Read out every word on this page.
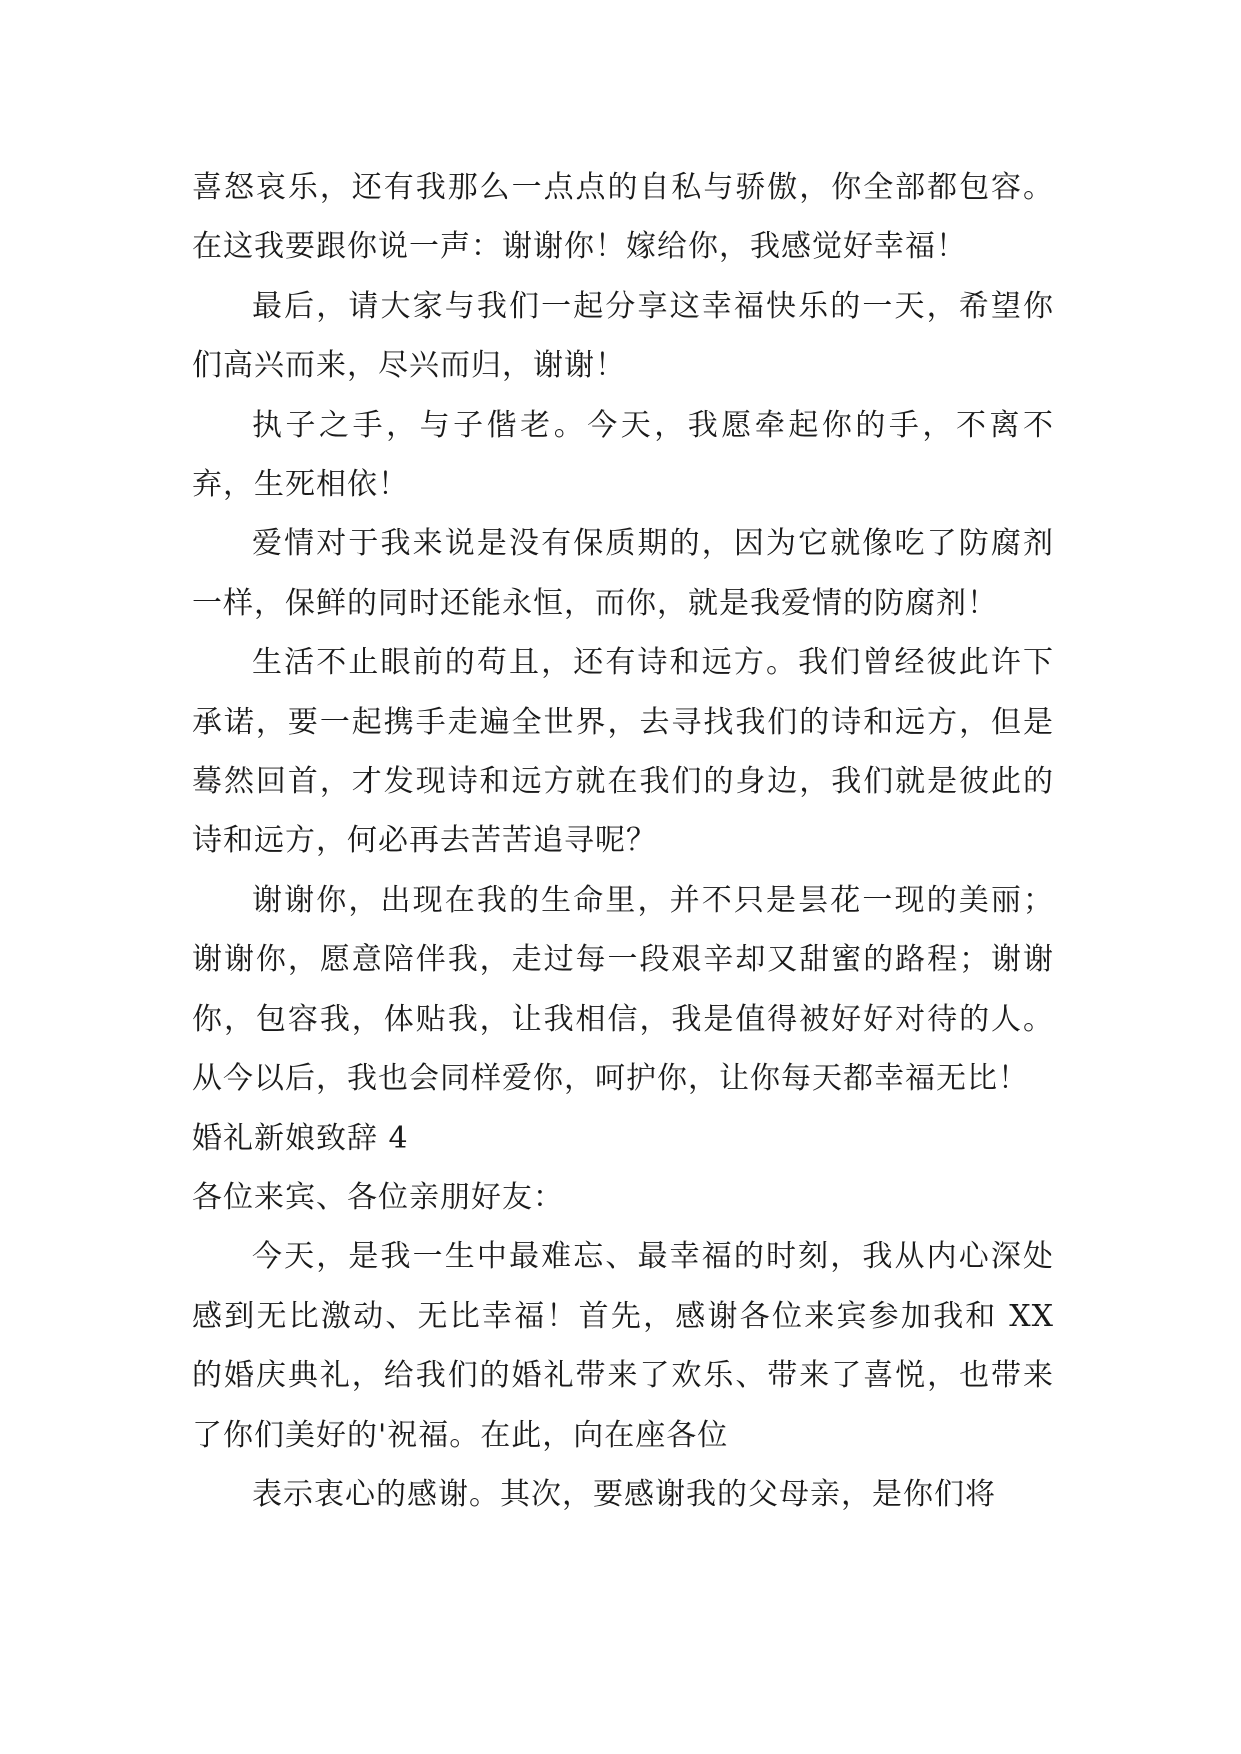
喜怒哀乐，还有我那么一点点的自私与骄傲，你全部都包容。在这我要跟你说一声：谢谢你！嫁给你，我感觉好幸福！

最后，请大家与我们一起分享这幸福快乐的一天，希望你们高兴而来，尽兴而归，谢谢！

执子之手，与子偕老。今天，我愿牵起你的手，不离不弃，生死相依！

爱情对于我来说是没有保质期的，因为它就像吃了防腐剂一样，保鲜的同时还能永恒，而你，就是我爱情的防腐剂！

生活不止眼前的苟且，还有诗和远方。我们曾经彼此许下承诺，要一起携手走遍全世界，去寻找我们的诗和远方，但是蓦然回首，才发现诗和远方就在我们的身边，我们就是彼此的诗和远方，何必再去苦苦追寻呢？

谢谢你，出现在我的生命里，并不只是昙花一现的美丽；谢谢你，愿意陪伴我，走过每一段艰辛却又甜蜜的路程；谢谢你，包容我，体贴我，让我相信，我是值得被好好对待的人。从今以后，我也会同样爱你，呵护你，让你每天都幸福无比！

婚礼新娘致辞 4

各位来宾、各位亲朋好友：

今天，是我一生中最难忘、最幸福的时刻，我从内心深处感到无比激动、无比幸福！首先，感谢各位来宾参加我和 XX 的婚庆典礼，给我们的婚礼带来了欢乐、带来了喜悦，也带来了你们美好的'祝福。在此，向在座各位

表示衷心的感谢。其次，要感谢我的父母亲，是你们将
